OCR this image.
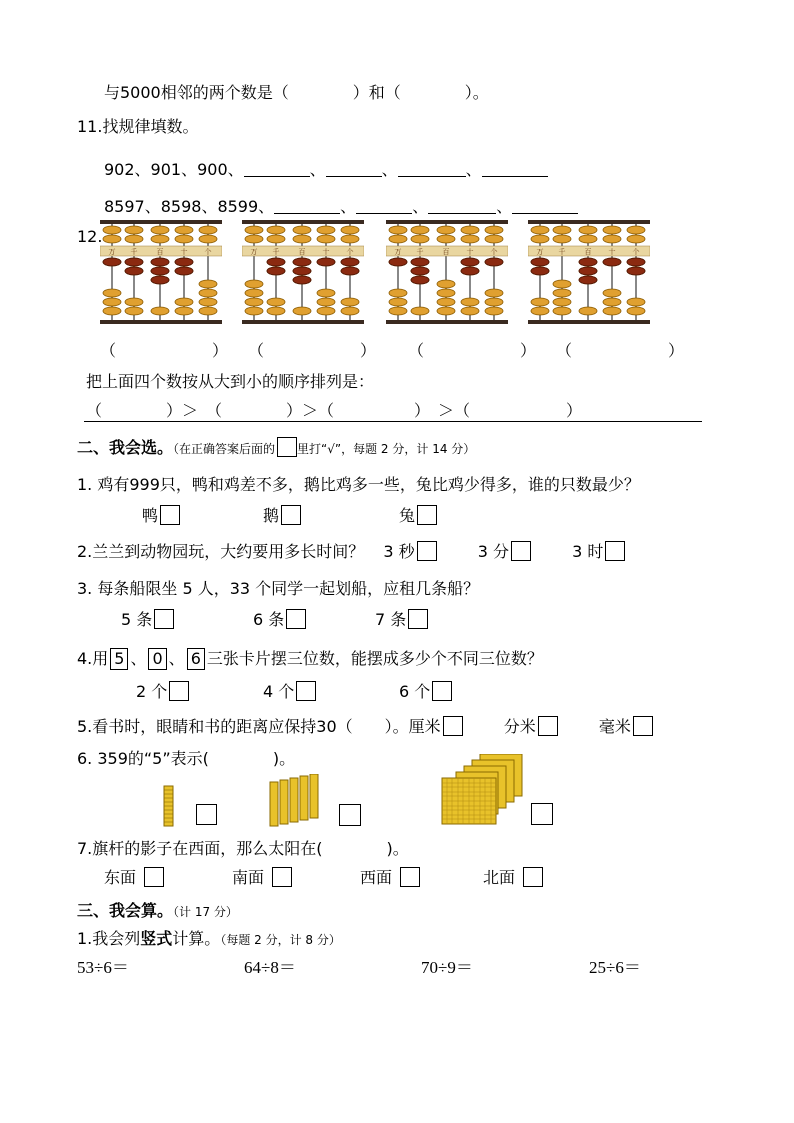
与5000相邻的两个数是（　　　　）和（　　　　）。
11.找规律填数。
902、901、900、	、	、	、
8597、8598、8599、	、	、	、
12.
万 千	百 十 个	万 千	百 十 个	万 千	百 十 个	万 千	百 十 个
（　　　　　　） （　　　　　　） （　　　　　　） （　　　　　　）
把上面四个数按从大到小的顺序排列是：
（　　　　）＞　（　　　　）＞（　　　　　）　＞（　　　　　　）
二、我会选。（在正确答案后面的 里打“√”，每题 2 分，计 14 分）
1. 鸡有999只，鸭和鸡差不多，鹅比鸡多一些，兔比鸡少得多，谁的只数最少？
鸭	鹅	兔
2.兰兰到动物园玩，大约要用多长时间？ 3 秒	3 分	3 时
3. 每条船限坐 5 人，33 个同学一起划船，应租几条船？
5 条	6 条	7 条
4.用 5 、 0 、 6 三张卡片摆三位数，能摆成多少个不同三位数？
2 个	4 个	6 个
5.看书时，眼睛和书的距离应保持30（　　）。厘米	分米	毫米
6. 359的“5”表示(　　　　)。
7.旗杆的影子在西面，那么太阳在(　　　　)。
东面	南面	西面	北面
三、我会算。（计 17 分）
1.我会列竖式计算。（每题 2 分，计 8 分）
53÷6＝	64÷8＝	70÷9＝	25÷6＝
